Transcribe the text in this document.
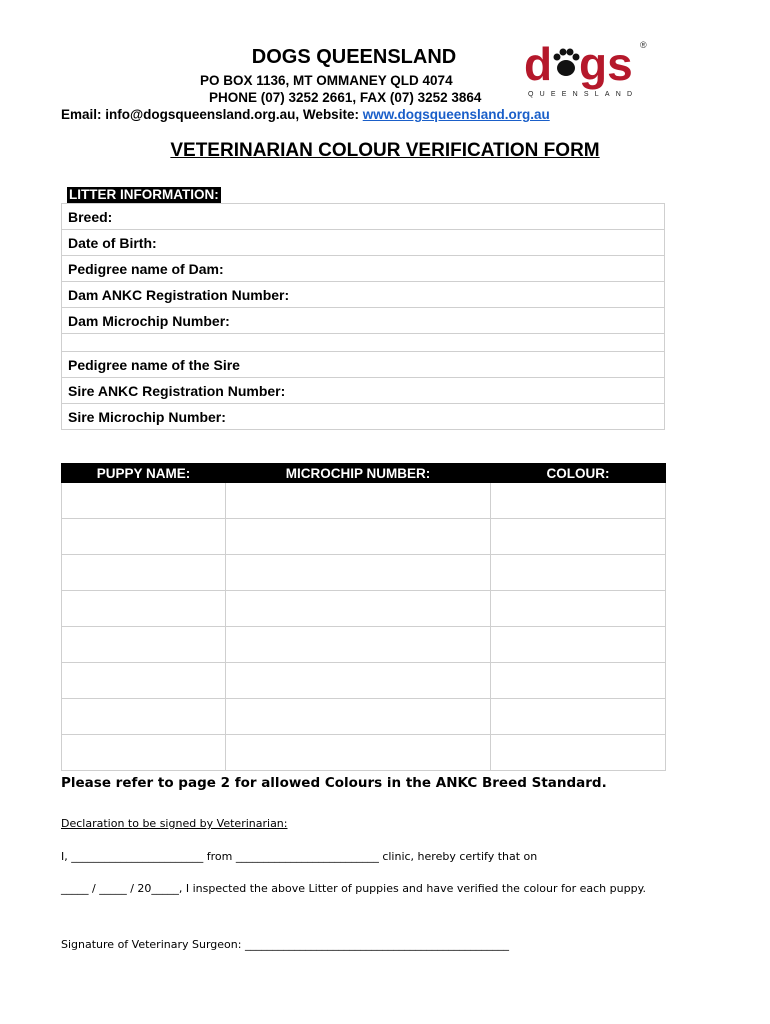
DOGS QUEENSLAND
PO BOX 1136, MT OMMANEY QLD 4074
PHONE (07) 3252 2661, FAX (07) 3252 3864
Email: info@dogsqueensland.org.au, Website: www.dogsqueensland.org.au
d gs ®
QUEENSLAND
VETERINARIAN COLOUR VERIFICATION FORM
LITTER INFORMATION:
Breed:
Date of Birth:
Pedigree name of Dam:
Dam ANKC Registration Number:
Dam Microchip Number:

Pedigree name of the Sire
Sire ANKC Registration Number:
Sire Microchip Number:
PUPPY NAME:	MICROCHIP NUMBER:	COLOUR:

Please refer to page 2 for allowed Colours in the ANKC Breed Standard.
Declaration to be signed by Veterinarian:
I, ________________________ from __________________________ clinic, hereby certify that on
_____ / _____ / 20_____, I inspected the above Litter of puppies and have verified the colour for each puppy.
Signature of Veterinary Surgeon: ________________________________________________
